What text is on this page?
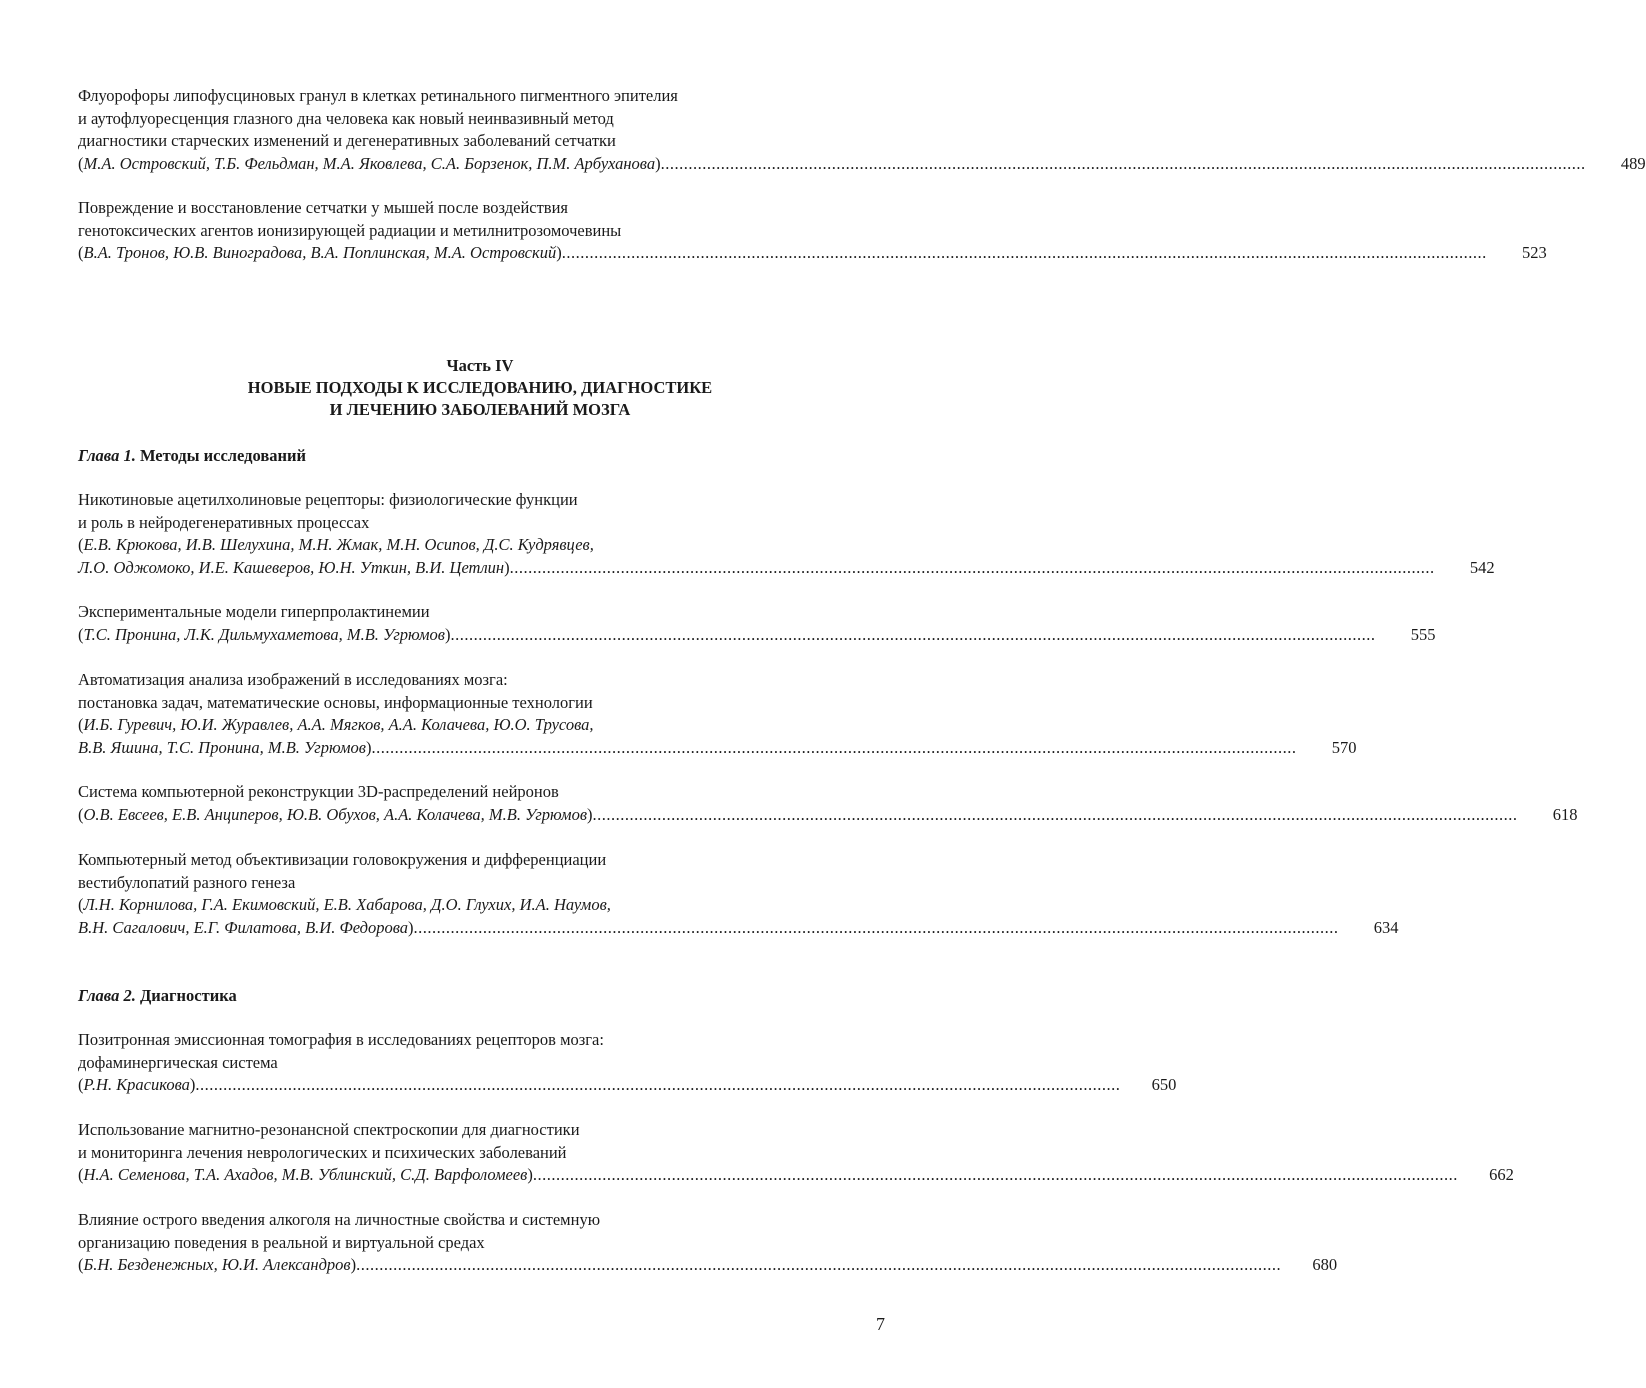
Флуорофоры липофусциновых гранул в клетках ретинального пигментного эпителия
и аутофлуоресценция глазного дна человека как новый неинвазивный метод
диагностики старческих изменений и дегенеративных заболеваний сетчатки
(М.А. Островский, Т.Б. Фельдман, М.А. Яковлева, С.А. Борзенок, П.М. Арбуханова) ........................................................................................................................................................................................................	489
Повреждение и восстановление сетчатки у мышей после воздействия
генотоксических агентов ионизирующей радиации и метилнитрозомочевины
(В.А. Тронов, Ю.В. Виноградова, В.А. Поплинская, М.А. Островский) ........................................................................................................................................................................................................	523
Часть IV
НОВЫЕ ПОДХОДЫ К ИССЛЕДОВАНИЮ, ДИАГНОСТИКЕ
И ЛЕЧЕНИЮ ЗАБОЛЕВАНИЙ МОЗГА
Глава 1. Методы исследований
Никотиновые ацетилхолиновые рецепторы: физиологические функции
и роль в нейродегенеративных процессах
(Е.В. Крюкова, И.В. Шелухина, М.Н. Жмак, М.Н. Осипов, Д.С. Кудрявцев,
Л.О. Оджомоко, И.Е. Кашеверов, Ю.Н. Уткин, В.И. Цетлин) ........................................................................................................................................................................................................	542
Экспериментальные модели гиперпролактинемии
(Т.С. Пронина, Л.К. Дильмухаметова, М.В. Угрюмов) ........................................................................................................................................................................................................	555
Автоматизация анализа изображений в исследованиях мозга:
постановка задач, математические основы, информационные технологии
(И.Б. Гуревич, Ю.И. Журавлев, А.А. Мягков, А.А. Колачева, Ю.О. Трусова,
В.В. Яшина, Т.С. Пронина, М.В. Угрюмов) ........................................................................................................................................................................................................	570
Система компьютерной реконструкции 3D-распределений нейронов
(О.В. Евсеев, Е.В. Анциперов, Ю.В. Обухов, А.А. Колачева, М.В. Угрюмов) ........................................................................................................................................................................................................	618
Компьютерный метод объективизации головокружения и дифференциации
вестибулопатий разного генеза
(Л.Н. Корнилова, Г.А. Екимовский, Е.В. Хабарова, Д.О. Глухих, И.А. Наумов,
В.Н. Сагалович, Е.Г. Филатова, В.И. Федорова) ........................................................................................................................................................................................................	634
Глава 2. Диагностика
Позитронная эмиссионная томография в исследованиях рецепторов мозга:
дофаминергическая система
(Р.Н. Красикова) ........................................................................................................................................................................................................	650
Использование магнитно-резонансной спектроскопии для диагностики
и мониторинга лечения неврологических и психических заболеваний
(Н.А. Семенова, Т.А. Ахадов, М.В. Ублинский, С.Д. Варфоломеев) ........................................................................................................................................................................................................	662
Влияние острого введения алкоголя на личностные свойства и системную
организацию поведения в реальной и виртуальной средах
(Б.Н. Безденежных, Ю.И. Александров) ........................................................................................................................................................................................................	680
7
